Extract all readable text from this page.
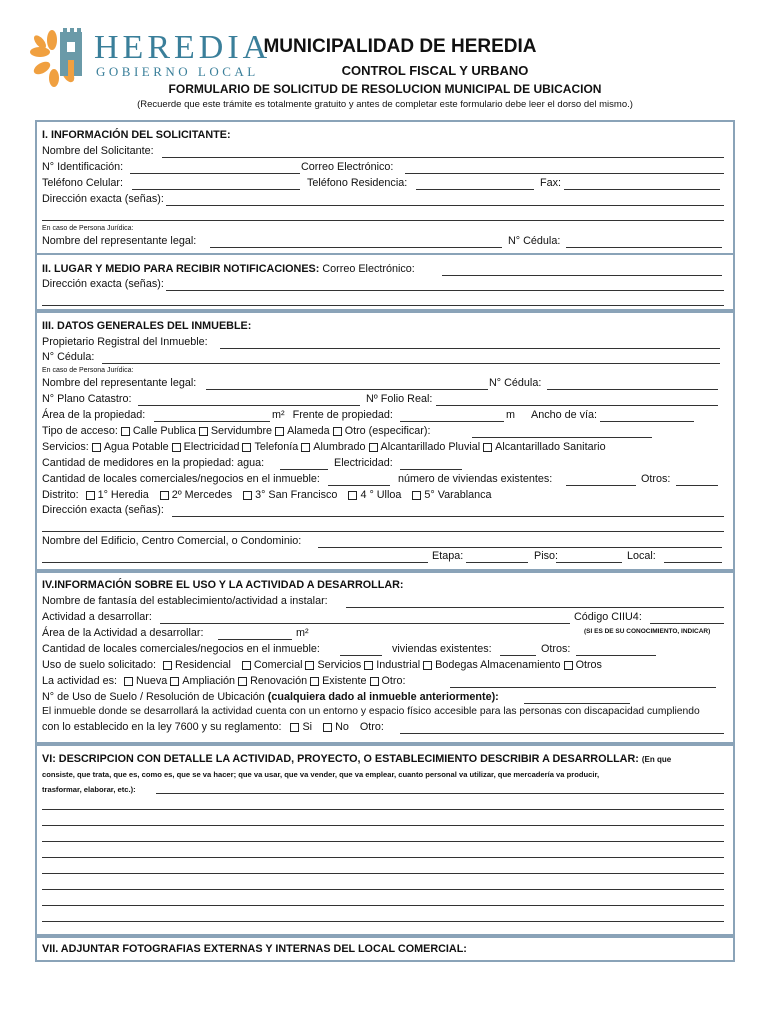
HEREDIA
GOBIERNO LOCAL
MUNICIPALIDAD DE HEREDIA
CONTROL FISCAL Y URBANO
FORMULARIO DE SOLICITUD DE RESOLUCION MUNICIPAL DE UBICACION
(Recuerde que este trámite es totalmente gratuito y antes de completar este formulario debe leer el dorso del mismo.)
I. INFORMACIÓN DEL SOLICITANTE:
Nombre del Solicitante:
N° Identificación:	Correo Electrónico:
Teléfono Celular:	Teléfono Residencia:	Fax:
Dirección exacta (señas):
En caso de Persona Jurídica:
Nombre del representante legal:	N° Cédula:
II. LUGAR Y MEDIO PARA RECIBIR NOTIFICACIONES: Correo Electrónico:
Dirección exacta (señas):
III. DATOS GENERALES DEL INMUEBLE:
Propietario Registral del Inmueble:
N° Cédula:
En caso de Persona Jurídica:
Nombre del representante legal:	N° Cédula:
N° Plano Catastro:	Nº Folio Real:
Área de la propiedad:	m² Frente de propiedad:	m Ancho de vía:
Tipo de acceso: Calle Publica Servidumbre Alameda Otro (especificar):
Servicios: Agua Potable Electricidad Telefonía Alumbrado Alcantarillado Pluvial Alcantarillado Sanitario
Cantidad de medidores en la propiedad: agua:	Electricidad:
Cantidad de locales comerciales/negocios en el inmueble:	número de viviendas existentes:	Otros:
Distrito: 1° Heredia 2º Mercedes 3° San Francisco 4 ° Ulloa 5° Varablanca
Dirección exacta (señas):
Nombre del Edificio, Centro Comercial, o Condominio:
Etapa:	Piso:	Local:
IV.INFORMACIÓN SOBRE EL USO Y LA ACTIVIDAD A DESARROLLAR:
Nombre de fantasía del establecimiento/actividad a instalar:
Actividad a desarrollar:	Código CIIU4:
(SI ES DE SU CONOCIMIENTO, INDICAR)
Área de la Actividad a desarrollar:	m²
Cantidad de locales comerciales/negocios en el inmueble:	viviendas existentes:	Otros:
Uso de suelo solicitado: Residencial Comercial Servicios Industrial Bodegas Almacenamiento Otros
La actividad es: Nueva Ampliación Renovación Existente Otro:
N° de Uso de Suelo / Resolución de Ubicación (cualquiera dado al inmueble anteriormente):
El inmueble donde se desarrollará la actividad cuenta con un entorno y espacio físico accesible para las personas con discapacidad cumpliendo
con lo establecido en la ley 7600 y su reglamento: Si No Otro:
VI: DESCRIPCION CON DETALLE LA ACTIVIDAD, PROYECTO, O ESTABLECIMIENTO DESCRIBIR A DESARROLLAR: (En que
consiste, que trata, que es, como es, que se va hacer; que va usar, que va vender, que va emplear, cuanto personal va utilizar, que mercadería va producir,
trasformar, elaborar, etc.):
VII. ADJUNTAR FOTOGRAFIAS EXTERNAS Y INTERNAS DEL LOCAL COMERCIAL:
